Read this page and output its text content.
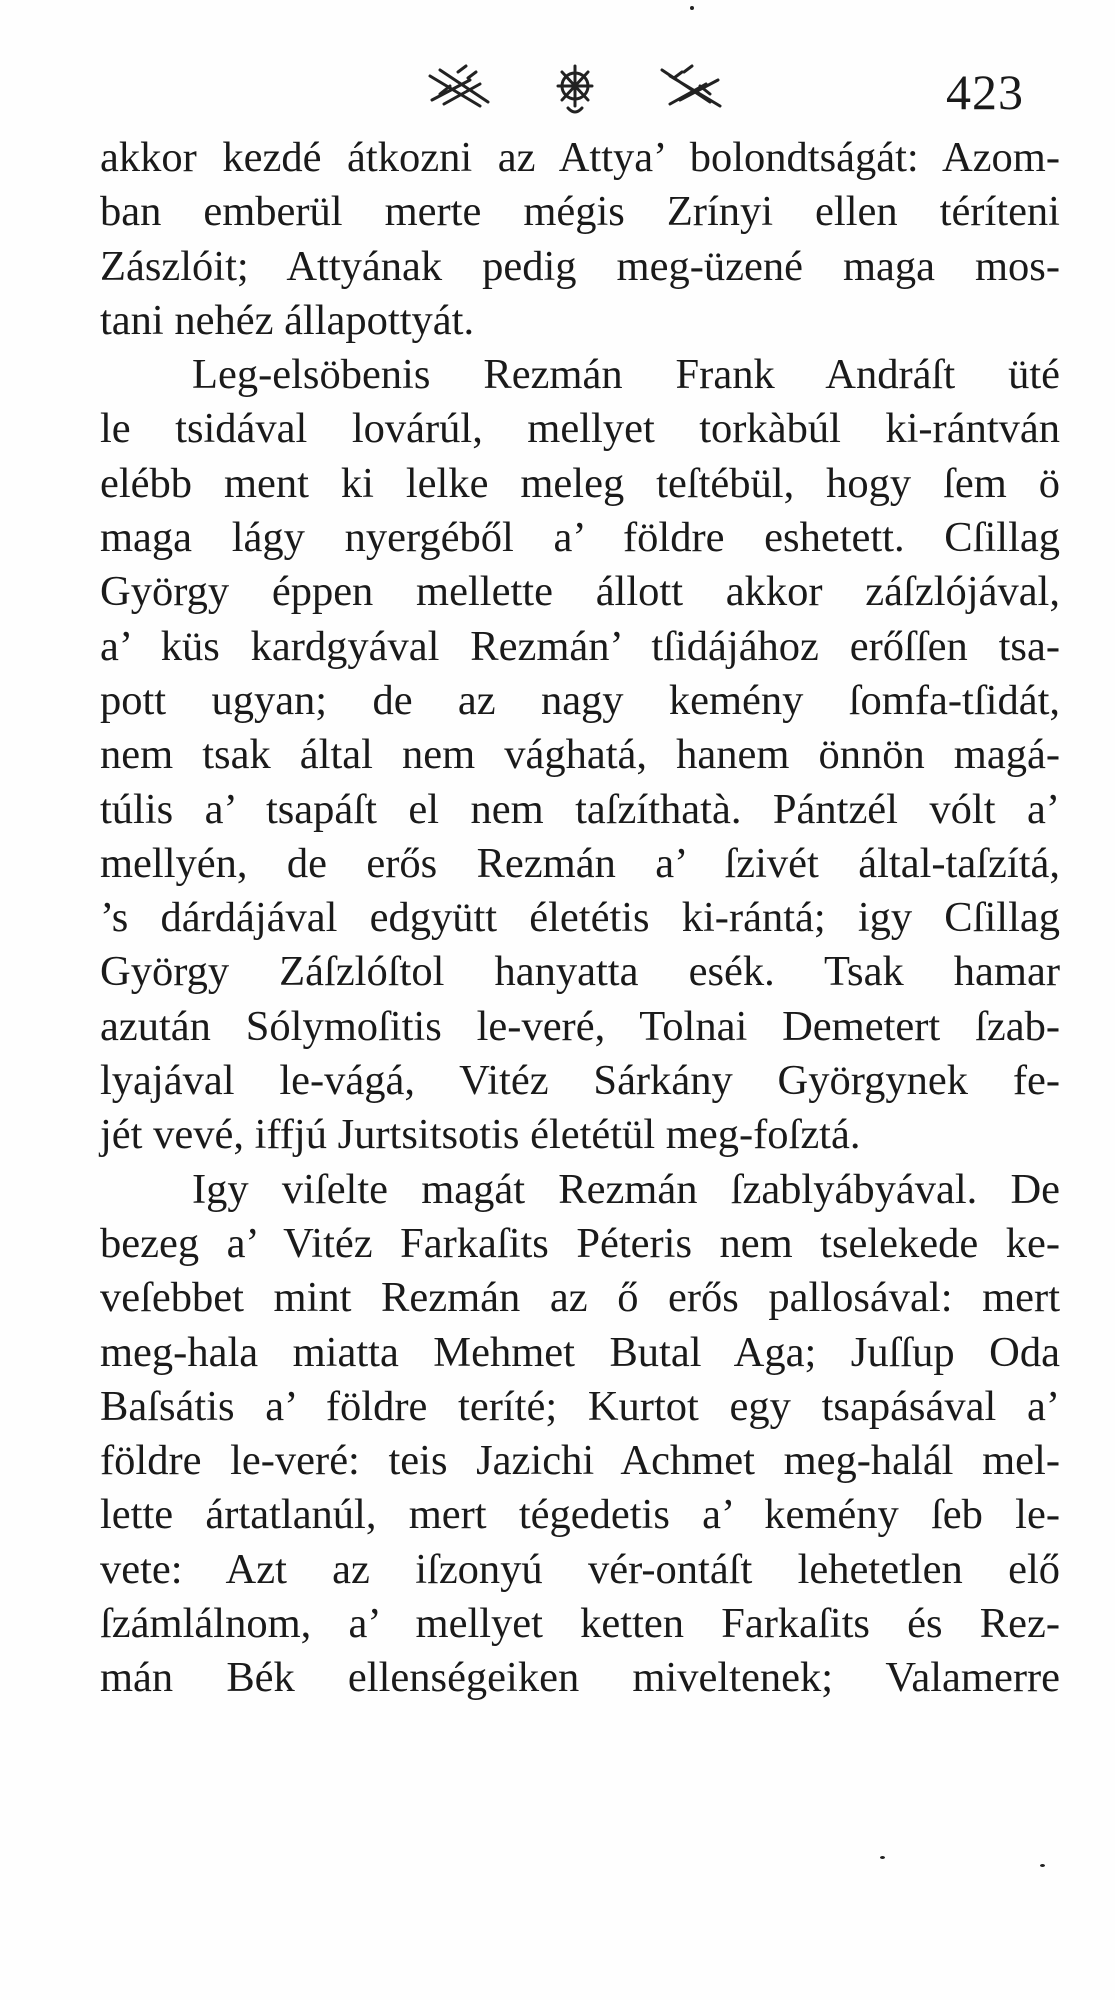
423
akkor kezdé átkozni az Attya’ bolondtságát: Azom-
ban emberül merte mégis Zrínyi ellen téríteni
Zászlóit; Attyának pedig meg-üzené maga mos-
tani nehéz állapottyát.
Leg-elsöbenis Rezmán Frank Andráſt üté
le tsidával lovárúl, mellyet torkàbúl ki-rántván
elébb ment ki lelke meleg teſtébül, hogy ſem ö
maga lágy nyergéből a’ földre eshetett. Cſillag
György éppen mellette állott akkor záſzlójával,
a’ küs kardgyával Rezmán’ tſidájához erőſſen tsa-
pott ugyan; de az nagy kemény ſomfa-tſidát,
nem tsak által nem vághatá, hanem önnön magá-
túlis a’ tsapáſt el nem taſzíthatà. Pántzél vólt a’
mellyén, de erős Rezmán a’ ſzivét által-taſzítá,
’s dárdájával edgyütt életétis ki-rántá; igy Cſillag
György Záſzlóſtol hanyatta esék. Tsak hamar
azután Sólymoſitis le-veré, Tolnai Demetert ſzab-
lyajával le-vágá, Vitéz Sárkány Györgynek fe-
jét vevé, iffjú Jurtsitsotis életétül meg-foſztá.
Igy viſelte magát Rezmán ſzablyábyával. De
bezeg a’ Vitéz Farkaſits Péteris nem tselekede ke-
veſebbet mint Rezmán az ő erős pallosával: mert
meg-hala miatta Mehmet Butal Aga; Juſſup Oda
Baſsátis a’ földre teríté; Kurtot egy tsapásával a’
földre le-veré: teis Jazichi Achmet meg-halál mel-
lette ártatlanúl, mert tégedetis a’ kemény ſeb le-
vete: Azt az iſzonyú vér-ontáſt lehetetlen elő
ſzámlálnom, a’ mellyet ketten Farkaſits és Rez-
mán Bék ellenségeiken miveltenek; Valamerre
